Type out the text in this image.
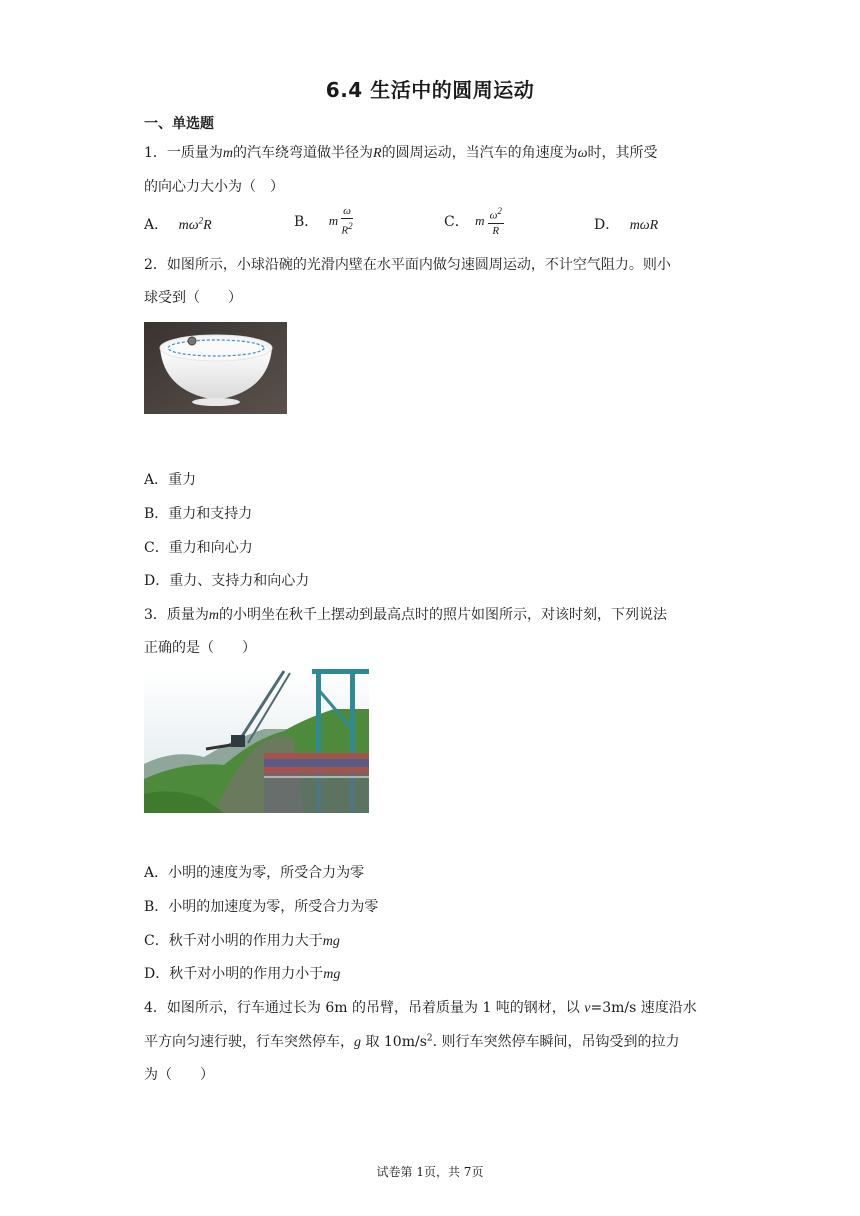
6.4 生活中的圆周运动
一、单选题
1．一质量为m的汽车绕弯道做半径为R的圆周运动，当汽车的角速度为ω时，其所受
的向心力大小为（　）
A． $m\omega^2R$	B． m $\frac{\omega}{R^2}$	C． m $\frac{\omega^2}{R}$	D． mωR
2．如图所示，小球沿碗的光滑内壁在水平面内做匀速圆周运动，不计空气阻力。则小
球受到（　　）
A．重力
B．重力和支持力
C．重力和向心力
D．重力、支持力和向心力
3．质量为m的小明坐在秋千上摆动到最高点时的照片如图所示，对该时刻，下列说法
正确的是（　　）
A．小明的速度为零，所受合力为零
B．小明的加速度为零，所受合力为零
C．秋千对小明的作用力大于mg
D．秋千对小明的作用力小于mg
4．如图所示，行车通过长为 6m 的吊臂，吊着质量为 1 吨的钢材，以 v=3m/s 速度沿水
平方向匀速行驶，行车突然停车，g 取 $10m/s^2$. 则行车突然停车瞬间，吊钩受到的拉力
为（　　）
试卷第 1页，共 7页
